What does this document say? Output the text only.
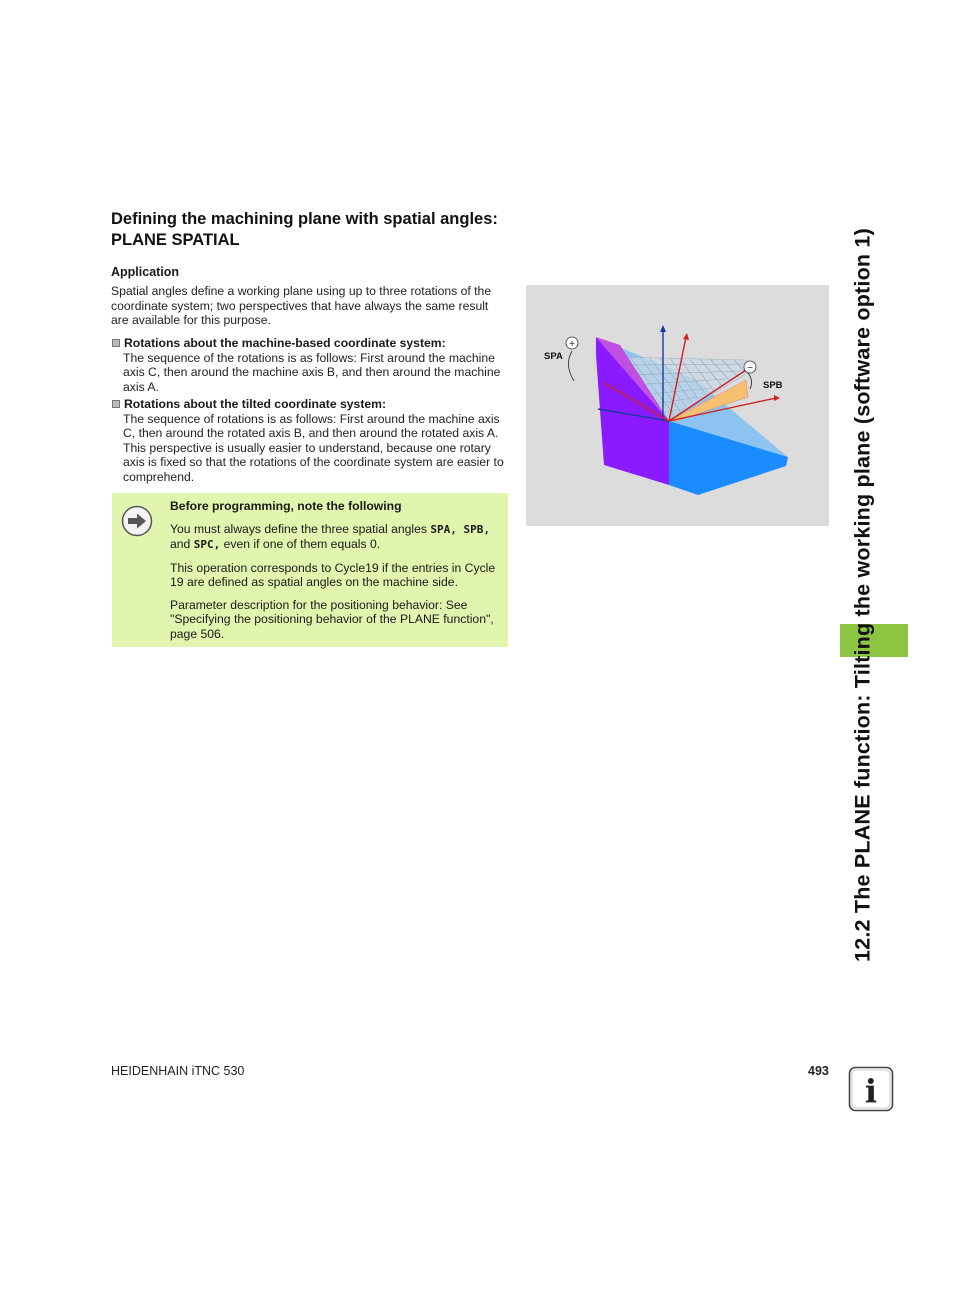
Defining the machining plane with spatial angles: PLANE SPATIAL
Application
Spatial angles define a working plane using up to three rotations of the coordinate system; two perspectives that have always the same result are available for this purpose.
Rotations about the machine-based coordinate system:
The sequence of the rotations is as follows: First around the machine axis C, then around the machine axis B, and then around the machine axis A.
Rotations about the tilted coordinate system:
The sequence of rotations is as follows: First around the machine axis C, then around the rotated axis B, and then around the rotated axis A. This perspective is usually easier to understand, because one rotary axis is fixed so that the rotations of the coordinate system are easier to comprehend.
Before programming, note the following
You must always define the three spatial angles SPA, SPB, and SPC, even if one of them equals 0.
This operation corresponds to Cycle19 if the entries in Cycle 19 are defined as spatial angles on the machine side.
Parameter description for the positioning behavior: See "Specifying the positioning behavior of the PLANE function", page 506.
+
SPA
−
SPB	12.2 The PLANE function: Tilting the working plane (software option 1)
HEIDENHAIN iTNC 530	493
i
